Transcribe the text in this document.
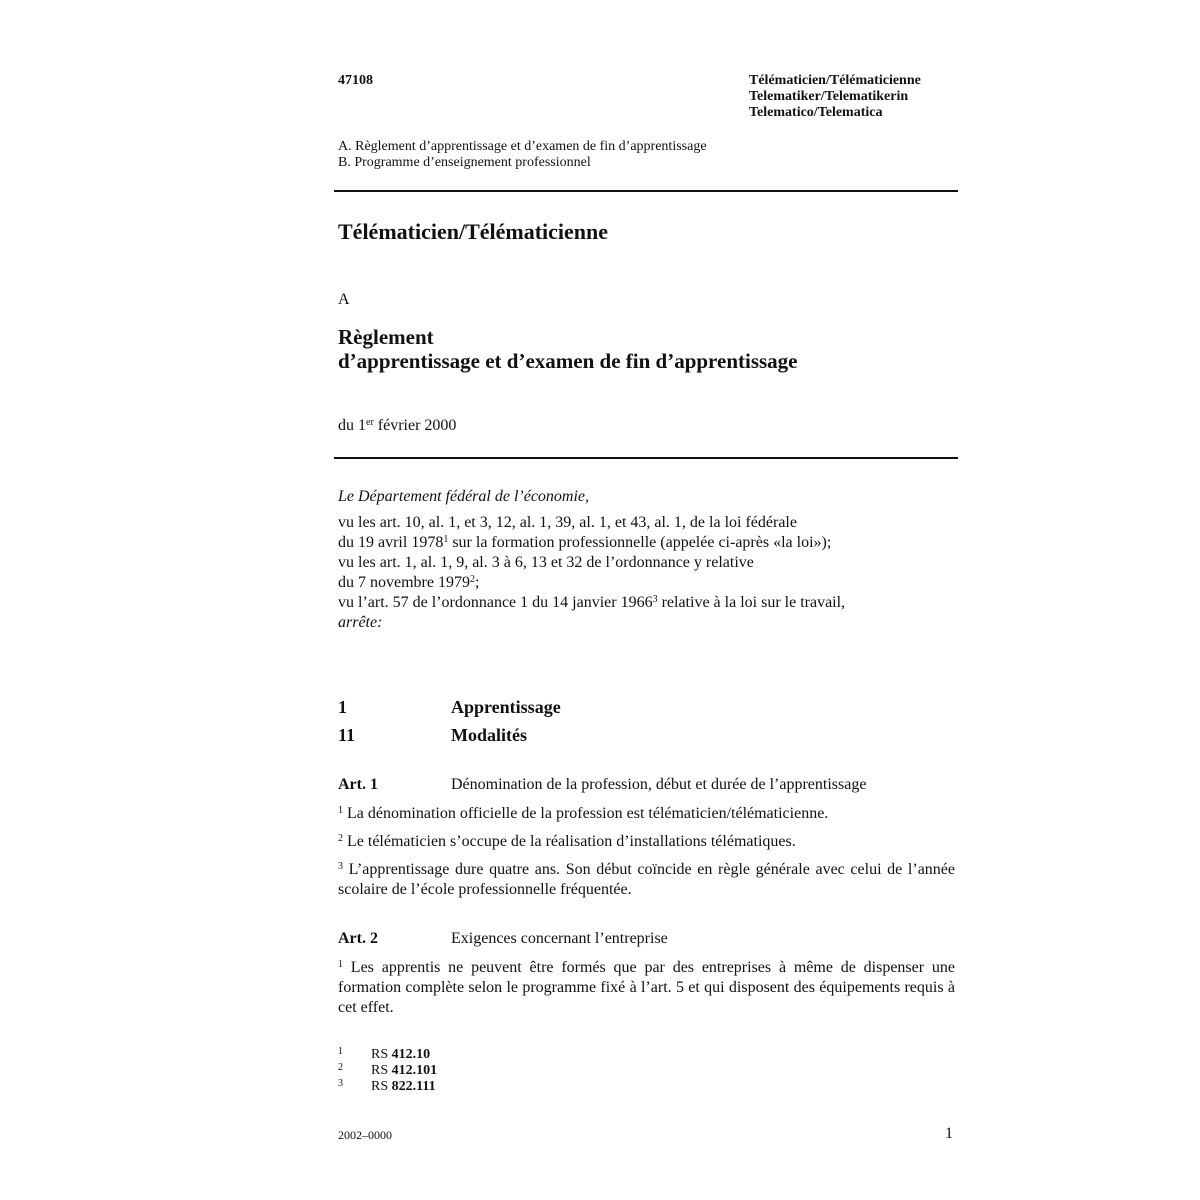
47108	Télématicien/Télématicienne
Telematiker/Telematikerin
Telematico/Telematica
A. Règlement d’apprentissage et d’examen de fin d’apprentissage
B. Programme d’enseignement professionnel
Télématicien/Télématicienne
A
Règlement
d’apprentissage et d’examen de fin d’apprentissage
du 1er février 2000
Le Département fédéral de l’économie,
vu les art. 10, al. 1, et 3, 12, al. 1, 39, al. 1, et 43, al. 1, de la loi fédérale
du 19 avril 1978$^1$ sur la formation professionnelle (appelée ci-après «la loi»);
vu les art. 1, al. 1, 9, al. 3 à 6, 13 et 32 de l’ordonnance y relative
du 7 novembre 1979$^2$;
vu l’art. 57 de l’ordonnance 1 du 14 janvier 1966$^3$ relative à la loi sur le travail,
arrête:
1	Apprentissage
11	Modalités
Art. 1	Dénomination de la profession, début et durée de l’apprentissage
$^1$ La dénomination officielle de la profession est télématicien/télématicienne.
$^2$ Le télématicien s’occupe de la réalisation d’installations télématiques.
$^3$ L’apprentissage dure quatre ans. Son début coïncide en règle générale avec celui de l’année scolaire de l’école professionnelle fréquentée.
Art. 2	Exigences concernant l’entreprise
$^1$ Les apprentis ne peuvent être formés que par des entreprises à même de dispenser une formation complète selon le programme fixé à l’art. 5 et qui disposent des équipements requis à cet effet.
1 RS 412.10
2 RS 412.101
3 RS 822.111
2002–0000	1
